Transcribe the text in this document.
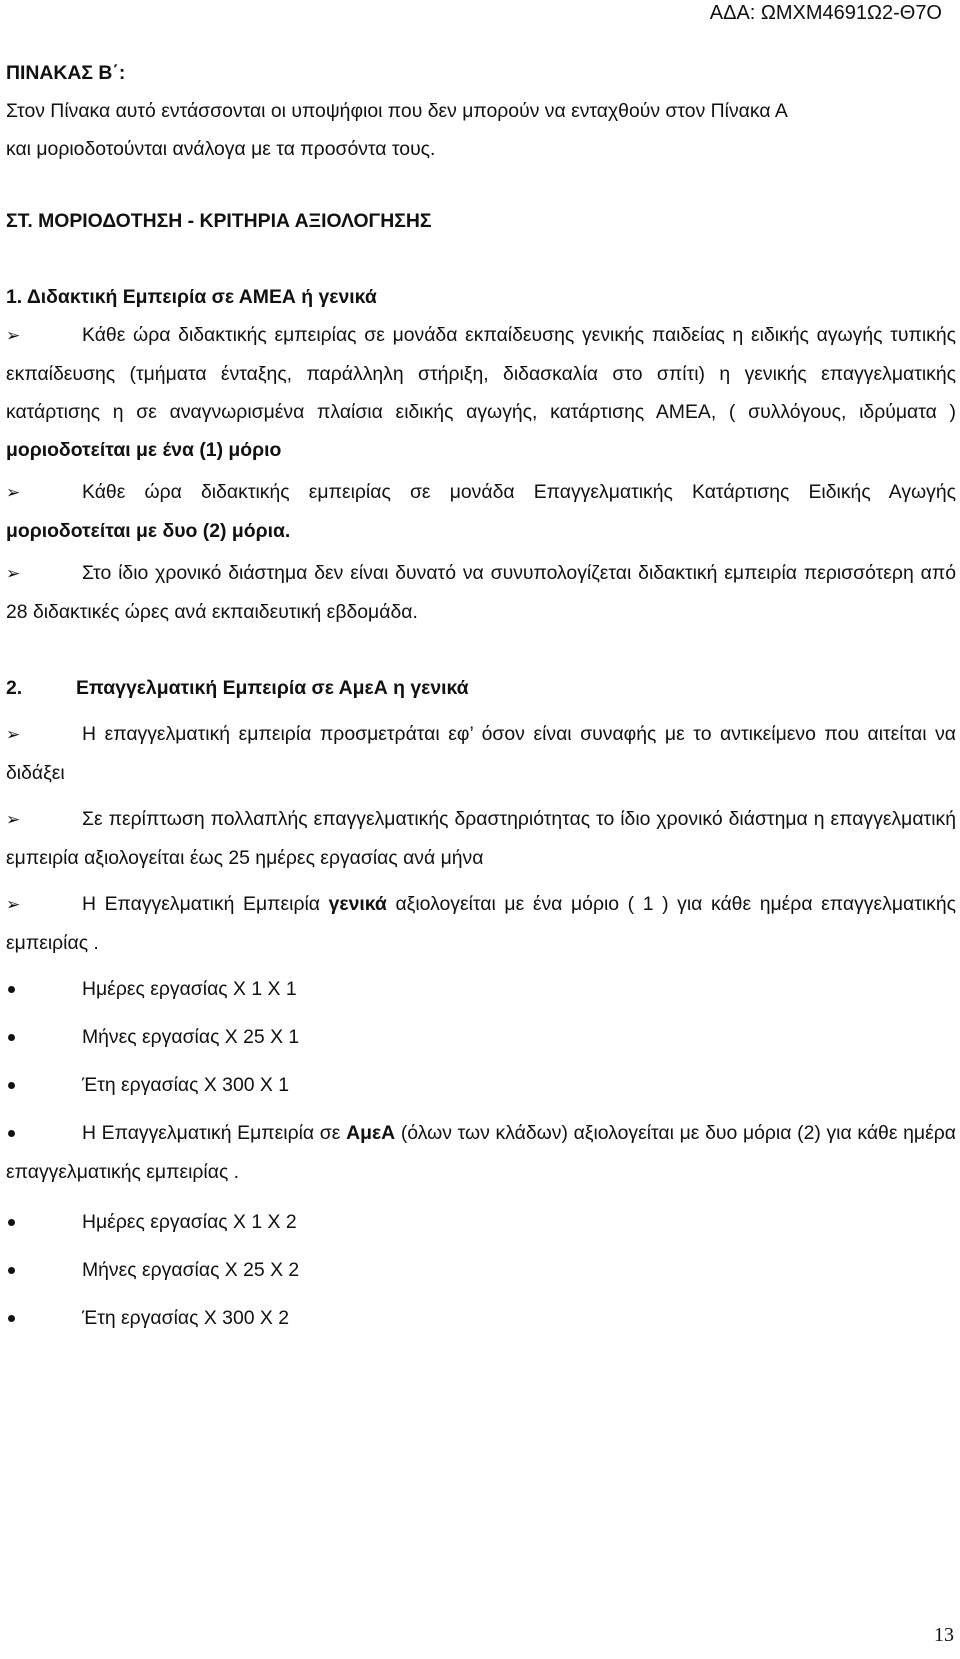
ΑΔΑ: ΩΜΧΜ4691Ω2-Θ7Ο

ΠΙΝΑΚΑΣ Β΄:

Στον Πίνακα αυτό εντάσσονται οι υποψήφιοι που δεν μπορούν να ενταχθούν στον Πίνακα Α

και μοριοδοτούνται ανάλογα με τα προσόντα τους.

ΣΤ. ΜΟΡΙΟΔΟΤΗΣΗ - ΚΡΙΤΗΡΙΑ ΑΞΙΟΛΟΓΗΣΗΣ

1. Διδακτική Εμπειρία σε ΑΜΕΑ ή γενικά

➢	Κάθε ώρα διδακτικής εμπειρίας σε μονάδα εκπαίδευσης γενικής παιδείας η ειδικής αγωγής τυπικής εκπαίδευσης (τμήματα ένταξης, παράλληλη στήριξη, διδασκαλία στο σπίτι) η γενικής επαγγελματικής κατάρτισης η σε αναγνωρισμένα πλαίσια ειδικής αγωγής, κατάρτισης ΑΜΕΑ, ( συλλόγους, ιδρύματα ) μοριοδοτείται με ένα (1) μόριο

➢	Κάθε ώρα διδακτικής εμπειρίας σε μονάδα Επαγγελματικής Κατάρτισης Ειδικής Αγωγής μοριοδοτείται με δυο (2) μόρια.

➢	Στο ίδιο χρονικό διάστημα δεν είναι δυνατό να συνυπολογίζεται διδακτική εμπειρία περισσότερη από 28 διδακτικές ώρες ανά εκπαιδευτική εβδομάδα.

2.	Επαγγελματική Εμπειρία σε ΑμεΑ η γενικά

➢	Η επαγγελματική εμπειρία προσμετράται εφ’ όσον είναι συναφής με το αντικείμενο που αιτείται να διδάξει

➢	Σε περίπτωση πολλαπλής επαγγελματικής δραστηριότητας το ίδιο χρονικό διάστημα η επαγγελματική εμπειρία αξιολογείται έως 25 ημέρες εργασίας ανά μήνα

➢	Η Επαγγελματική Εμπειρία γενικά αξιολογείται με ένα μόριο ( 1 ) για κάθε ημέρα επαγγελματικής εμπειρίας .

Ημέρες εργασίας Χ 1 Χ 1

Μήνες εργασίας Χ 25 Χ 1

Έτη εργασίας Χ 300 Χ 1

Η Επαγγελματική Εμπειρία σε ΑμεΑ (όλων των κλάδων) αξιολογείται με δυο μόρια (2) για κάθε ημέρα επαγγελματικής εμπειρίας .

Ημέρες εργασίας Χ 1 Χ 2

Μήνες εργασίας Χ 25 Χ 2

Έτη εργασίας Χ 300 Χ 2

13
